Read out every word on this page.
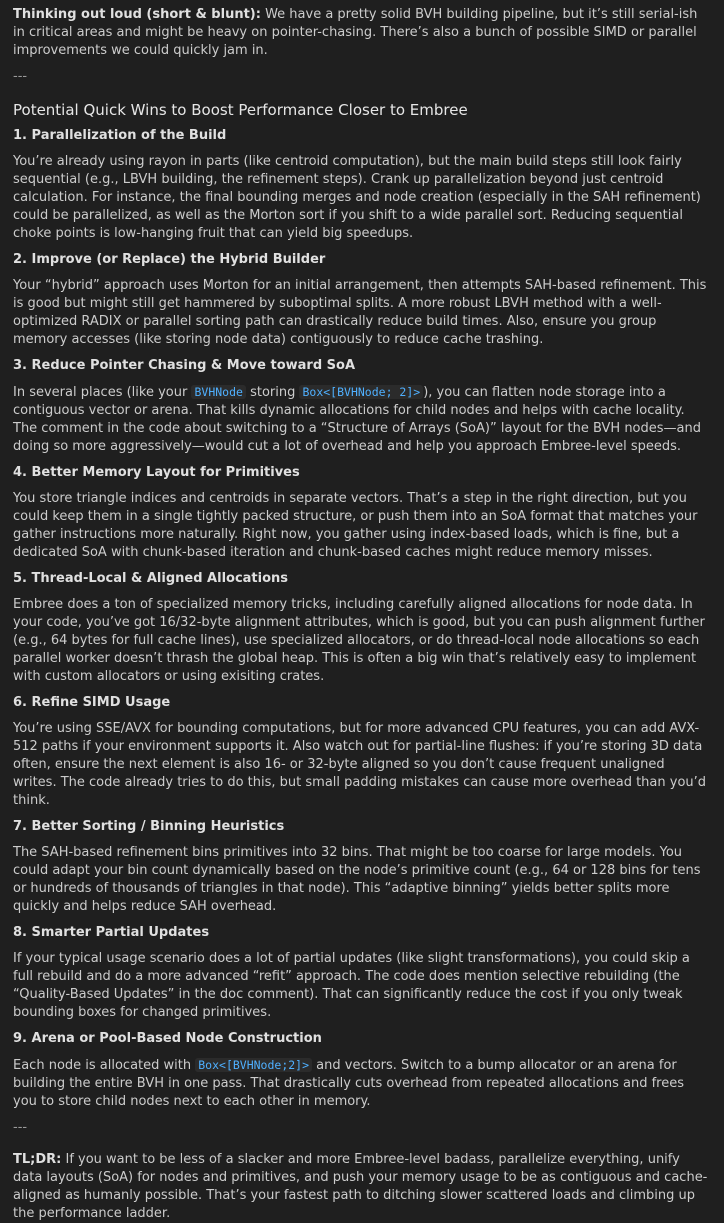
Thinking out loud (short & blunt): We have a pretty solid BVH building pipeline, but it’s still serial-ish in critical areas and might be heavy on pointer-chasing. There’s also a bunch of possible SIMD or parallel improvements we could quickly jam in.

---

Potential Quick Wins to Boost Performance Closer to Embree
1. Parallelization of the Build

You’re already using rayon in parts (like centroid computation), but the main build steps still look fairly sequential (e.g., LBVH building, the refinement steps). Crank up parallelization beyond just centroid calculation. For instance, the final bounding merges and node creation (especially in the SAH refinement) could be parallelized, as well as the Morton sort if you shift to a wide parallel sort. Reducing sequential choke points is low-hanging fruit that can yield big speedups.

2. Improve (or Replace) the Hybrid Builder

Your “hybrid” approach uses Morton for an initial arrangement, then attempts SAH-based refinement. This is good but might still get hammered by suboptimal splits. A more robust LBVH method with a well-optimized RADIX or parallel sorting path can drastically reduce build times. Also, ensure you group memory accesses (like storing node data) contiguously to reduce cache trashing.

3. Reduce Pointer Chasing & Move toward SoA

In several places (like your BVHNode storing Box<[BVHNode; 2]> ), you can flatten node storage into a contiguous vector or arena. That kills dynamic allocations for child nodes and helps with cache locality. The comment in the code about switching to a “Structure of Arrays (SoA)” layout for the BVH nodes—and doing so more aggressively—would cut a lot of overhead and help you approach Embree-level speeds.

4. Better Memory Layout for Primitives

You store triangle indices and centroids in separate vectors. That’s a step in the right direction, but you could keep them in a single tightly packed structure, or push them into an SoA format that matches your gather instructions more naturally. Right now, you gather using index-based loads, which is fine, but a dedicated SoA with chunk-based iteration and chunk-based caches might reduce memory misses.

5. Thread-Local & Aligned Allocations

Embree does a ton of specialized memory tricks, including carefully aligned allocations for node data. In your code, you’ve got 16/32-byte alignment attributes, which is good, but you can push alignment further (e.g., 64 bytes for full cache lines), use specialized allocators, or do thread-local node allocations so each parallel worker doesn’t thrash the global heap. This is often a big win that’s relatively easy to implement with custom allocators or using exisiting crates.

6. Refine SIMD Usage

You’re using SSE/AVX for bounding computations, but for more advanced CPU features, you can add AVX-512 paths if your environment supports it. Also watch out for partial-line flushes: if you’re storing 3D data often, ensure the next element is also 16- or 32-byte aligned so you don’t cause frequent unaligned writes. The code already tries to do this, but small padding mistakes can cause more overhead than you’d think.

7. Better Sorting / Binning Heuristics

The SAH-based refinement bins primitives into 32 bins. That might be too coarse for large models. You could adapt your bin count dynamically based on the node’s primitive count (e.g., 64 or 128 bins for tens or hundreds of thousands of triangles in that node). This “adaptive binning” yields better splits more quickly and helps reduce SAH overhead.

8. Smarter Partial Updates

If your typical usage scenario does a lot of partial updates (like slight transformations), you could skip a full rebuild and do a more advanced “refit” approach. The code does mention selective rebuilding (the “Quality-Based Updates” in the doc comment). That can significantly reduce the cost if you only tweak bounding boxes for changed primitives.

9. Arena or Pool-Based Node Construction

Each node is allocated with Box<[BVHNode;2]> and vectors. Switch to a bump allocator or an arena for building the entire BVH in one pass. That drastically cuts overhead from repeated allocations and frees you to store child nodes next to each other in memory.

---

TL;DR: If you want to be less of a slacker and more Embree-level badass, parallelize everything, unify data layouts (SoA) for nodes and primitives, and push your memory usage to be as contiguous and cache-aligned as humanly possible. That’s your fastest path to ditching slower scattered loads and climbing up the performance ladder.
